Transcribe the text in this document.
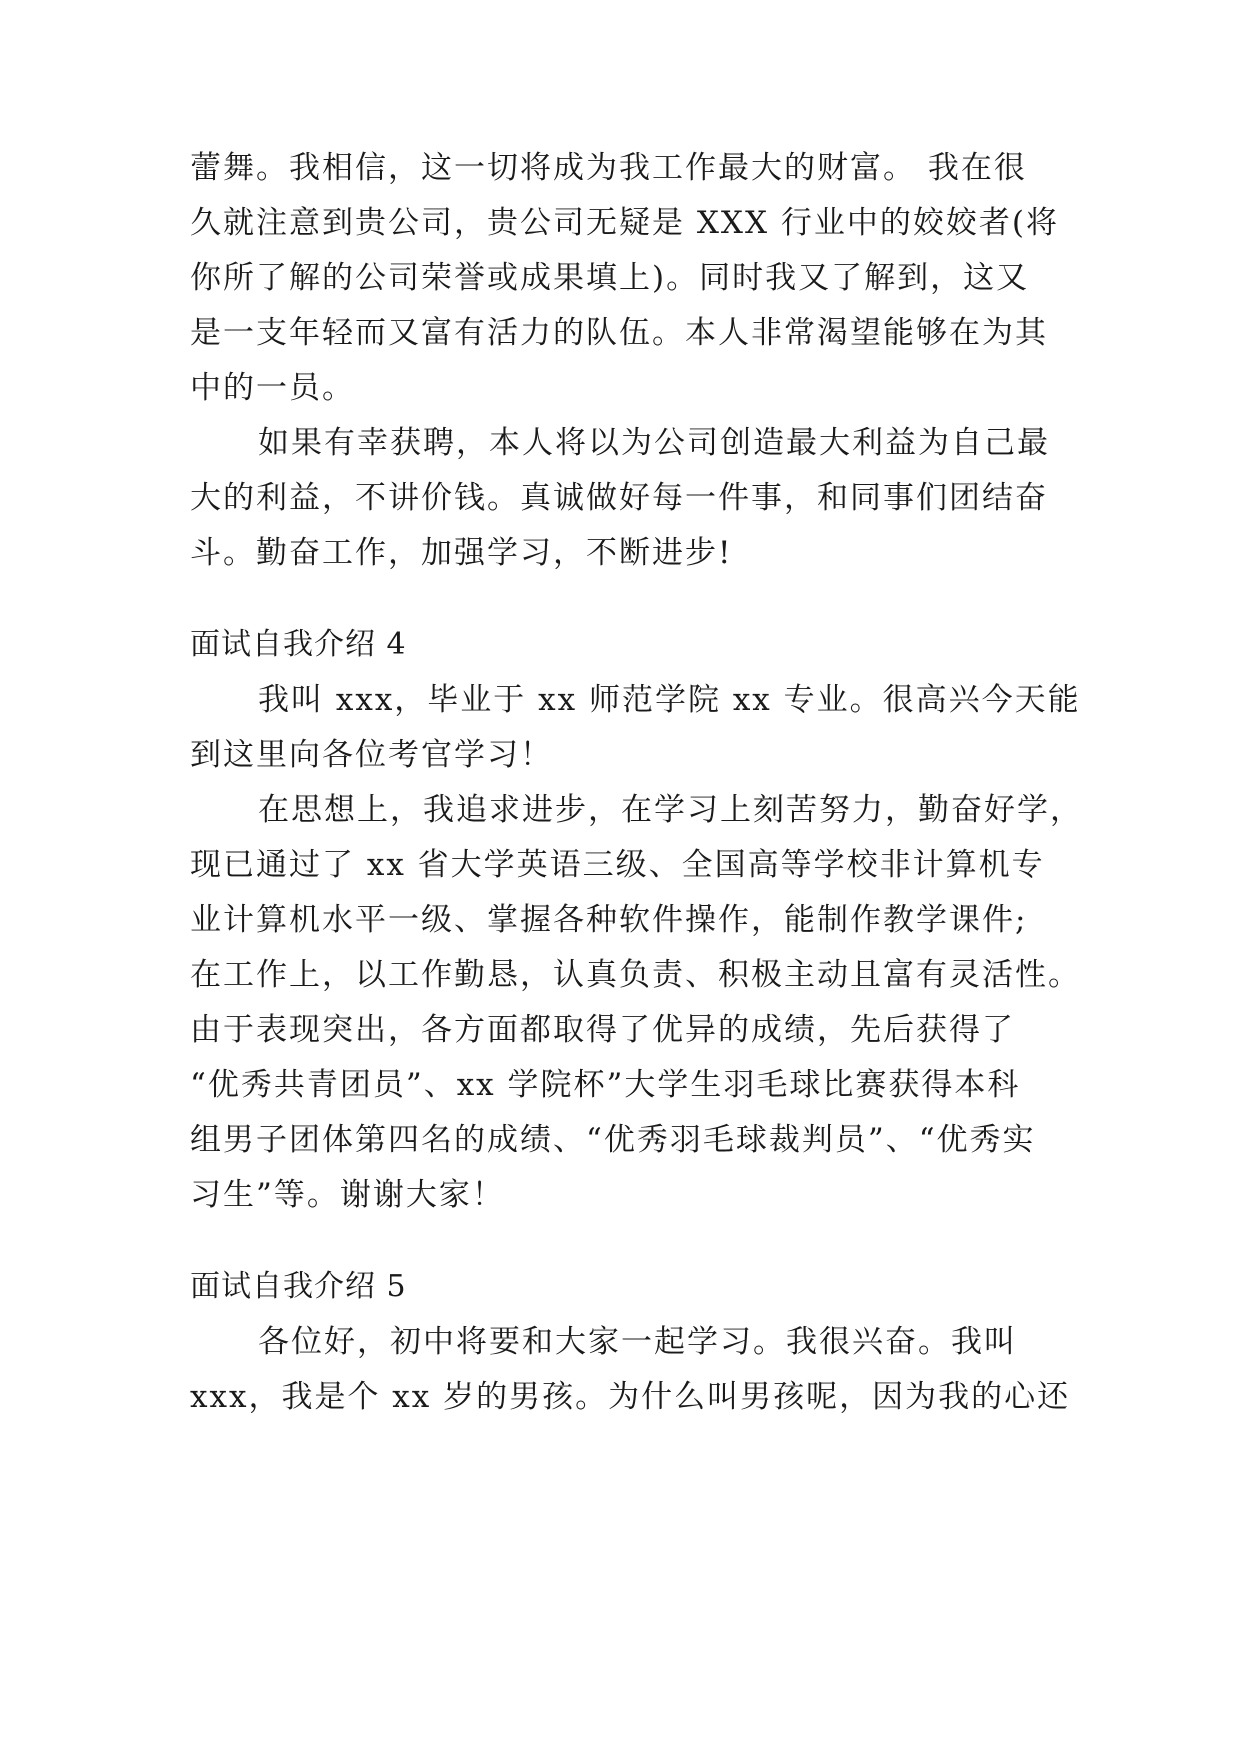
蕾舞。我相信，这一切将成为我工作最大的财富。 我在很
久就注意到贵公司，贵公司无疑是 XXX 行业中的姣姣者(将
你所了解的公司荣誉或成果填上)。同时我又了解到，这又
是一支年轻而又富有活力的队伍。本人非常渴望能够在为其
中的一员。
如果有幸获聘，本人将以为公司创造最大利益为自己最
大的利益，不讲价钱。真诚做好每一件事，和同事们团结奋
斗。勤奋工作，加强学习，不断进步!
面试自我介绍 4
我叫 xxx，毕业于 xx 师范学院 xx 专业。很高兴今天能
到这里向各位考官学习！
在思想上，我追求进步，在学习上刻苦努力，勤奋好学，
现已通过了 xx 省大学英语三级、全国高等学校非计算机专
业计算机水平一级、掌握各种软件操作，能制作教学课件;
在工作上，以工作勤恳，认真负责、积极主动且富有灵活性。
由于表现突出，各方面都取得了优异的成绩，先后获得了
“优秀共青团员”、xx 学院杯”大学生羽毛球比赛获得本科
组男子团体第四名的成绩、“优秀羽毛球裁判员”、“优秀实
习生”等。谢谢大家！
面试自我介绍 5
各位好，初中将要和大家一起学习。我很兴奋。我叫
xxx，我是个 xx 岁的男孩。为什么叫男孩呢，因为我的心还
